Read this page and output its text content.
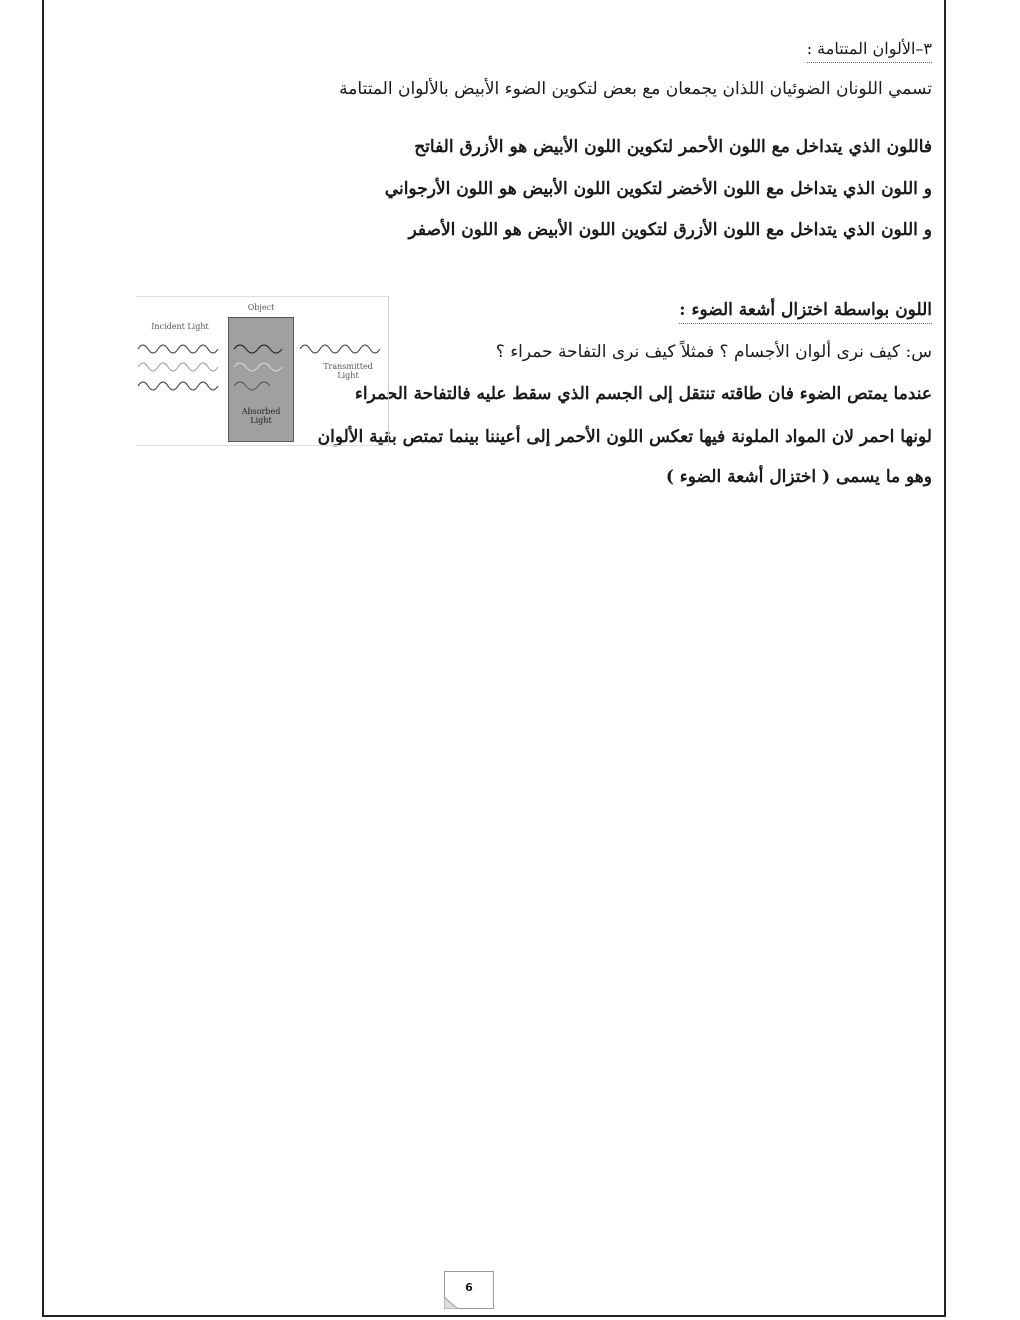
٣–الألوان المتتامة :
تسمي اللونان الضوئيان اللذان يجمعان مع بعض لتكوين الضوء الأبيض بالألوان المتتامة
فاللون الذي يتداخل مع اللون الأحمر لتكوين اللون الأبيض هو الأزرق الفاتح
و اللون الذي يتداخل مع اللون الأخضر لتكوين اللون الأبيض هو اللون الأرجواني
و اللون الذي يتداخل مع اللون الأزرق لتكوين اللون الأبيض هو اللون الأصفر
اللون بواسطة اختزال أشعة الضوء :
س: كيف نرى ألوان الأجسام ؟ فمثلاً كيف نرى التفاحة حمراء ؟
عندما يمتص الضوء فان طاقته تنتقل إلى الجسم الذي سقط عليه فالتفاحة الحمراء
لونها احمر لان المواد الملونة فيها تعكس اللون الأحمر إلى أعيننا بينما تمتص بقية الألوان
وهو ما يسمى ( اختزال أشعة الضوء )
Object
Incident Light
Transmitted
Light
Absorbed
Light
6
